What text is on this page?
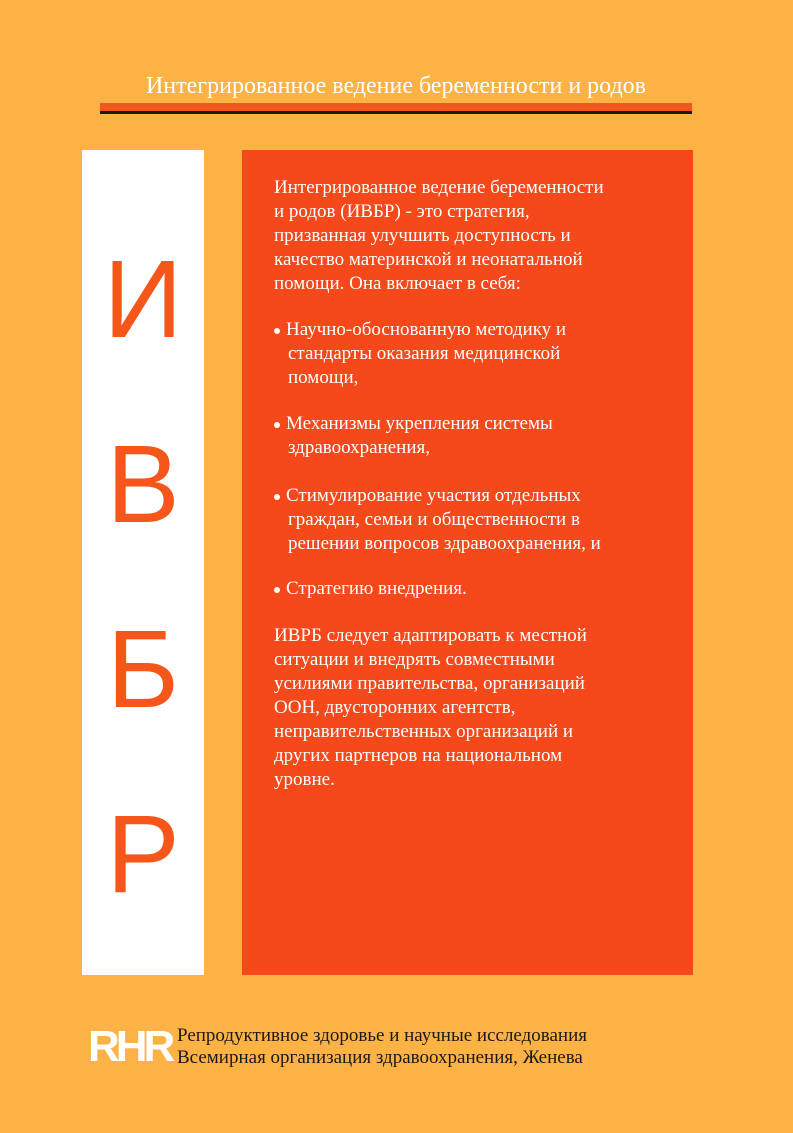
Интегрированное ведение беременности и родов
И
В
Б
Р

Интегрированное ведение беременности
и родов (ИВБР) - это стратегия,
призванная улучшить доступность и
качество материнской и неонатальной
помощи. Она включает в себя:

Научно-обоснованную методику и
стандарты оказания медицинской
помощи,
Механизмы укрепления системы
здравоохранения,
Стимулирование участия отдельных
граждан, семьи и общественности в
решении вопросов здравоохранения, и
Стратегию внедрения.

ИВРБ следует адаптировать к местной
ситуации и внедрять совместными
усилиями правительства, организаций
ООН, двусторонних агентств,
неправительственных организаций и
других партнеров на национальном
уровне.

RHR Репродуктивное здоровье и научные исследования
Всемирная организация здравоохранения, Женева
